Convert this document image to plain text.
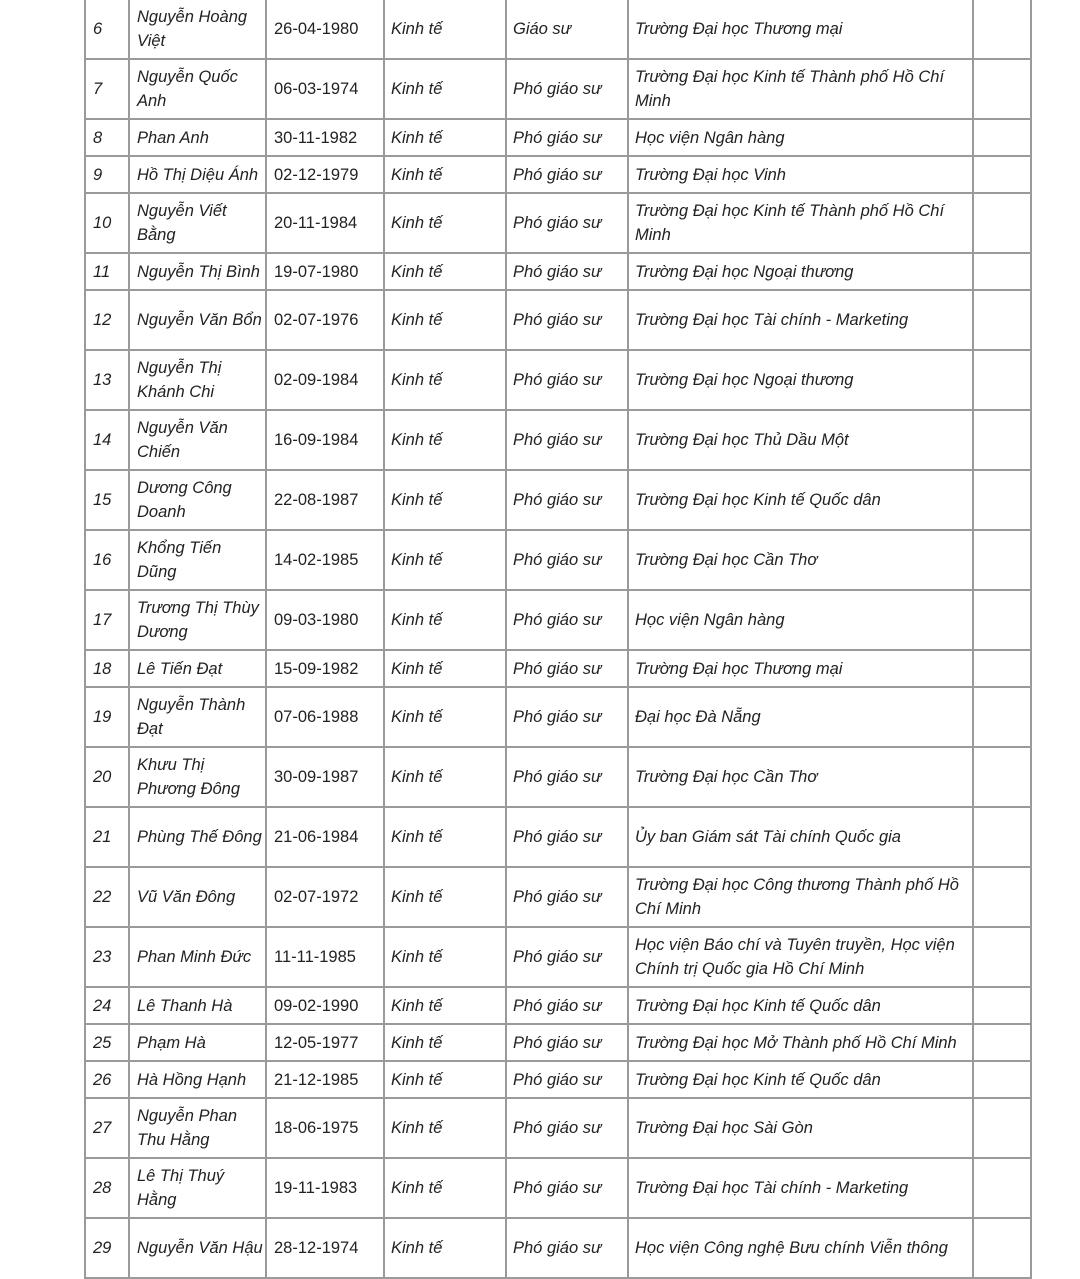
6	Nguyễn Hoàng Việt	26-04-1980	Kinh tế	Giáo sư	Trường Đại học Thương mại	
7	Nguyễn Quốc Anh	06-03-1974	Kinh tế	Phó giáo sư	Trường Đại học Kinh tế Thành phố Hồ Chí Minh	
8	Phan Anh	30-11-1982	Kinh tế	Phó giáo sư	Học viện Ngân hàng	
9	Hồ Thị Diệu Ánh	02-12-1979	Kinh tế	Phó giáo sư	Trường Đại học Vinh	
10	Nguyễn Viết Bằng	20-11-1984	Kinh tế	Phó giáo sư	Trường Đại học Kinh tế Thành phố Hồ Chí Minh	
11	Nguyễn Thị Bình	19-07-1980	Kinh tế	Phó giáo sư	Trường Đại học Ngoại thương	
12	Nguyễn Văn Bổn	02-07-1976	Kinh tế	Phó giáo sư	Trường Đại học Tài chính - Marketing	
13	Nguyễn Thị Khánh Chi	02-09-1984	Kinh tế	Phó giáo sư	Trường Đại học Ngoại thương	
14	Nguyễn Văn Chiến	16-09-1984	Kinh tế	Phó giáo sư	Trường Đại học Thủ Dầu Một	
15	Dương Công Doanh	22-08-1987	Kinh tế	Phó giáo sư	Trường Đại học Kinh tế Quốc dân	
16	Khổng Tiến Dũng	14-02-1985	Kinh tế	Phó giáo sư	Trường Đại học Cần Thơ	
17	Trương Thị Thùy Dương	09-03-1980	Kinh tế	Phó giáo sư	Học viện Ngân hàng	
18	Lê Tiến Đạt	15-09-1982	Kinh tế	Phó giáo sư	Trường Đại học Thương mại	
19	Nguyễn Thành Đạt	07-06-1988	Kinh tế	Phó giáo sư	Đại học Đà Nẵng	
20	Khưu Thị Phương Đông	30-09-1987	Kinh tế	Phó giáo sư	Trường Đại học Cần Thơ	
21	Phùng Thế Đông	21-06-1984	Kinh tế	Phó giáo sư	Ủy ban Giám sát Tài chính Quốc gia	
22	Vũ Văn Đông	02-07-1972	Kinh tế	Phó giáo sư	Trường Đại học Công thương Thành phố Hồ Chí Minh	
23	Phan Minh Đức	11-11-1985	Kinh tế	Phó giáo sư	Học viện Báo chí và Tuyên truyền, Học viện Chính trị Quốc gia Hồ Chí Minh	
24	Lê Thanh Hà	09-02-1990	Kinh tế	Phó giáo sư	Trường Đại học Kinh tế Quốc dân	
25	Phạm Hà	12-05-1977	Kinh tế	Phó giáo sư	Trường Đại học Mở Thành phố Hồ Chí Minh	
26	Hà Hồng Hạnh	21-12-1985	Kinh tế	Phó giáo sư	Trường Đại học Kinh tế Quốc dân	
27	Nguyễn Phan Thu Hằng	18-06-1975	Kinh tế	Phó giáo sư	Trường Đại học Sài Gòn	
28	Lê Thị Thuý Hằng	19-11-1983	Kinh tế	Phó giáo sư	Trường Đại học Tài chính - Marketing	
29	Nguyễn Văn Hậu	28-12-1974	Kinh tế	Phó giáo sư	Học viện Công nghệ Bưu chính Viễn thông	
